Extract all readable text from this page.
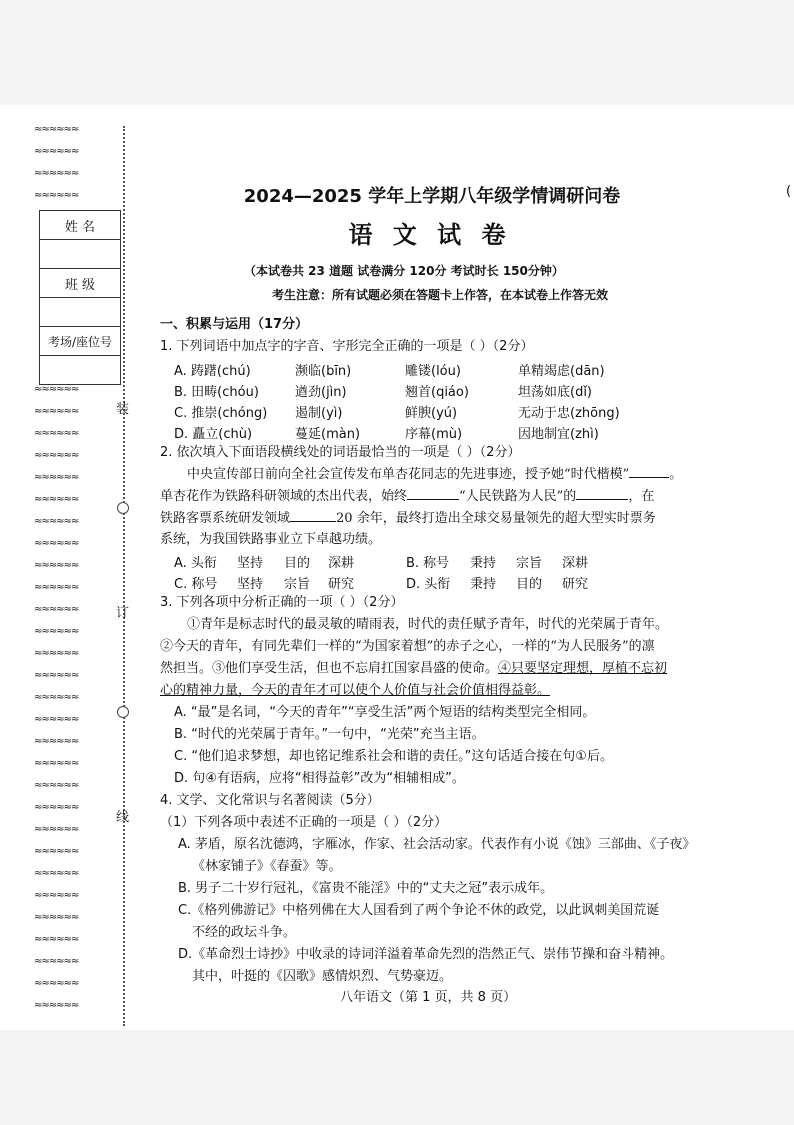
≈≈≈≈≈≈
≈≈≈≈≈≈
≈≈≈≈≈≈
≈≈≈≈≈≈
姓 名
班 级
考场/座位号
≈≈≈≈≈≈
≈≈≈≈≈≈
≈≈≈≈≈≈
≈≈≈≈≈≈
≈≈≈≈≈≈
≈≈≈≈≈≈
≈≈≈≈≈≈
≈≈≈≈≈≈
≈≈≈≈≈≈
≈≈≈≈≈≈
≈≈≈≈≈≈
≈≈≈≈≈≈
≈≈≈≈≈≈
≈≈≈≈≈≈
≈≈≈≈≈≈
≈≈≈≈≈≈
≈≈≈≈≈≈
≈≈≈≈≈≈
≈≈≈≈≈≈
≈≈≈≈≈≈
≈≈≈≈≈≈
≈≈≈≈≈≈
≈≈≈≈≈≈
≈≈≈≈≈≈
≈≈≈≈≈≈
≈≈≈≈≈≈
≈≈≈≈≈≈
≈≈≈≈≈≈
≈≈≈≈≈≈
装
订
线
2024—2025 学年上学期八年级学情调研问卷
语 文 试 卷
（本试卷共 23 道题 试卷满分 120分 考试时长 150分钟）
考生注意：所有试题必须在答题卡上作答，在本试卷上作答无效
(
一、积累与运用（17分）
1. 下列词语中加点字的字音、字形完全正确的一项是（ ）（2分）
A. 踌躇(chú)	濒临(bīn)	雕镂(lóu)	单精竭虑(dān)
B. 田畴(chóu)	遒劲(jìn)	翘首(qiáo)	坦荡如底(dǐ)
C. 推崇(chóng) 遏制(yì)	鲜腴(yú)	无动于忠(zhōng)
D. 矗立(chù)	蔓延(màn)	序幕(mù)	因地制宜(zhì)
2. 依次填入下面语段横线处的词语最恰当的一项是（ ）（2分）
中央宣传部日前向全社会宣传发布单杏花同志的先进事迹，授予她“时代楷模”	。
单杏花作为铁路科研领域的杰出代表，始终	“人民铁路为人民”的	，在
铁路客票系统研发领域	20 余年，最终打造出全球交易量领先的超大型实时票务
系统，为我国铁路事业立下卓越功绩。
A. 头衔 坚持 目的 深耕	B. 称号 秉持 宗旨 深耕
C. 称号 坚持 宗旨 研究	D. 头衔 秉持 目的 研究
3. 下列各项中分析正确的一项（ ）（2分）
①青年是标志时代的最灵敏的晴雨表，时代的责任赋予青年，时代的光荣属于青年。
②今天的青年，有同先辈们一样的“为国家着想”的赤子之心，一样的“为人民服务”的凛
然担当。③他们享受生活，但也不忘肩扛国家昌盛的使命。④只要坚定理想，厚植不忘初
心的精神力量，今天的青年才可以使个人价值与社会价值相得益彰。
A. “最”是名词，“今天的青年”“享受生活”两个短语的结构类型完全相同。
B. “时代的光荣属于青年。”一句中，“光荣”充当主语。
C. “他们追求梦想，却也铭记维系社会和谐的责任。”这句话适合接在句①后。
D. 句④有语病，应将“相得益彰”改为“相辅相成”。
4. 文学、文化常识与名著阅读（5分）
（1）下列各项中表述不正确的一项是（ ）（2分）
A. 茅盾，原名沈德鸿，字雁冰，作家、社会活动家。代表作有小说《蚀》三部曲、《子夜》
《林家铺子》《春蚕》等。
B. 男子二十岁行冠礼，《富贵不能淫》中的“丈夫之冠”表示成年。
C.《格列佛游记》中格列佛在大人国看到了两个争论不休的政党，以此讽刺美国荒诞
不经的政坛斗争。
D.《革命烈士诗抄》中收录的诗词洋溢着革命先烈的浩然正气、崇伟节操和奋斗精神。
其中，叶挺的《囚歌》感情炽烈、气势豪迈。
八年语文（第 1 页，共 8 页）
